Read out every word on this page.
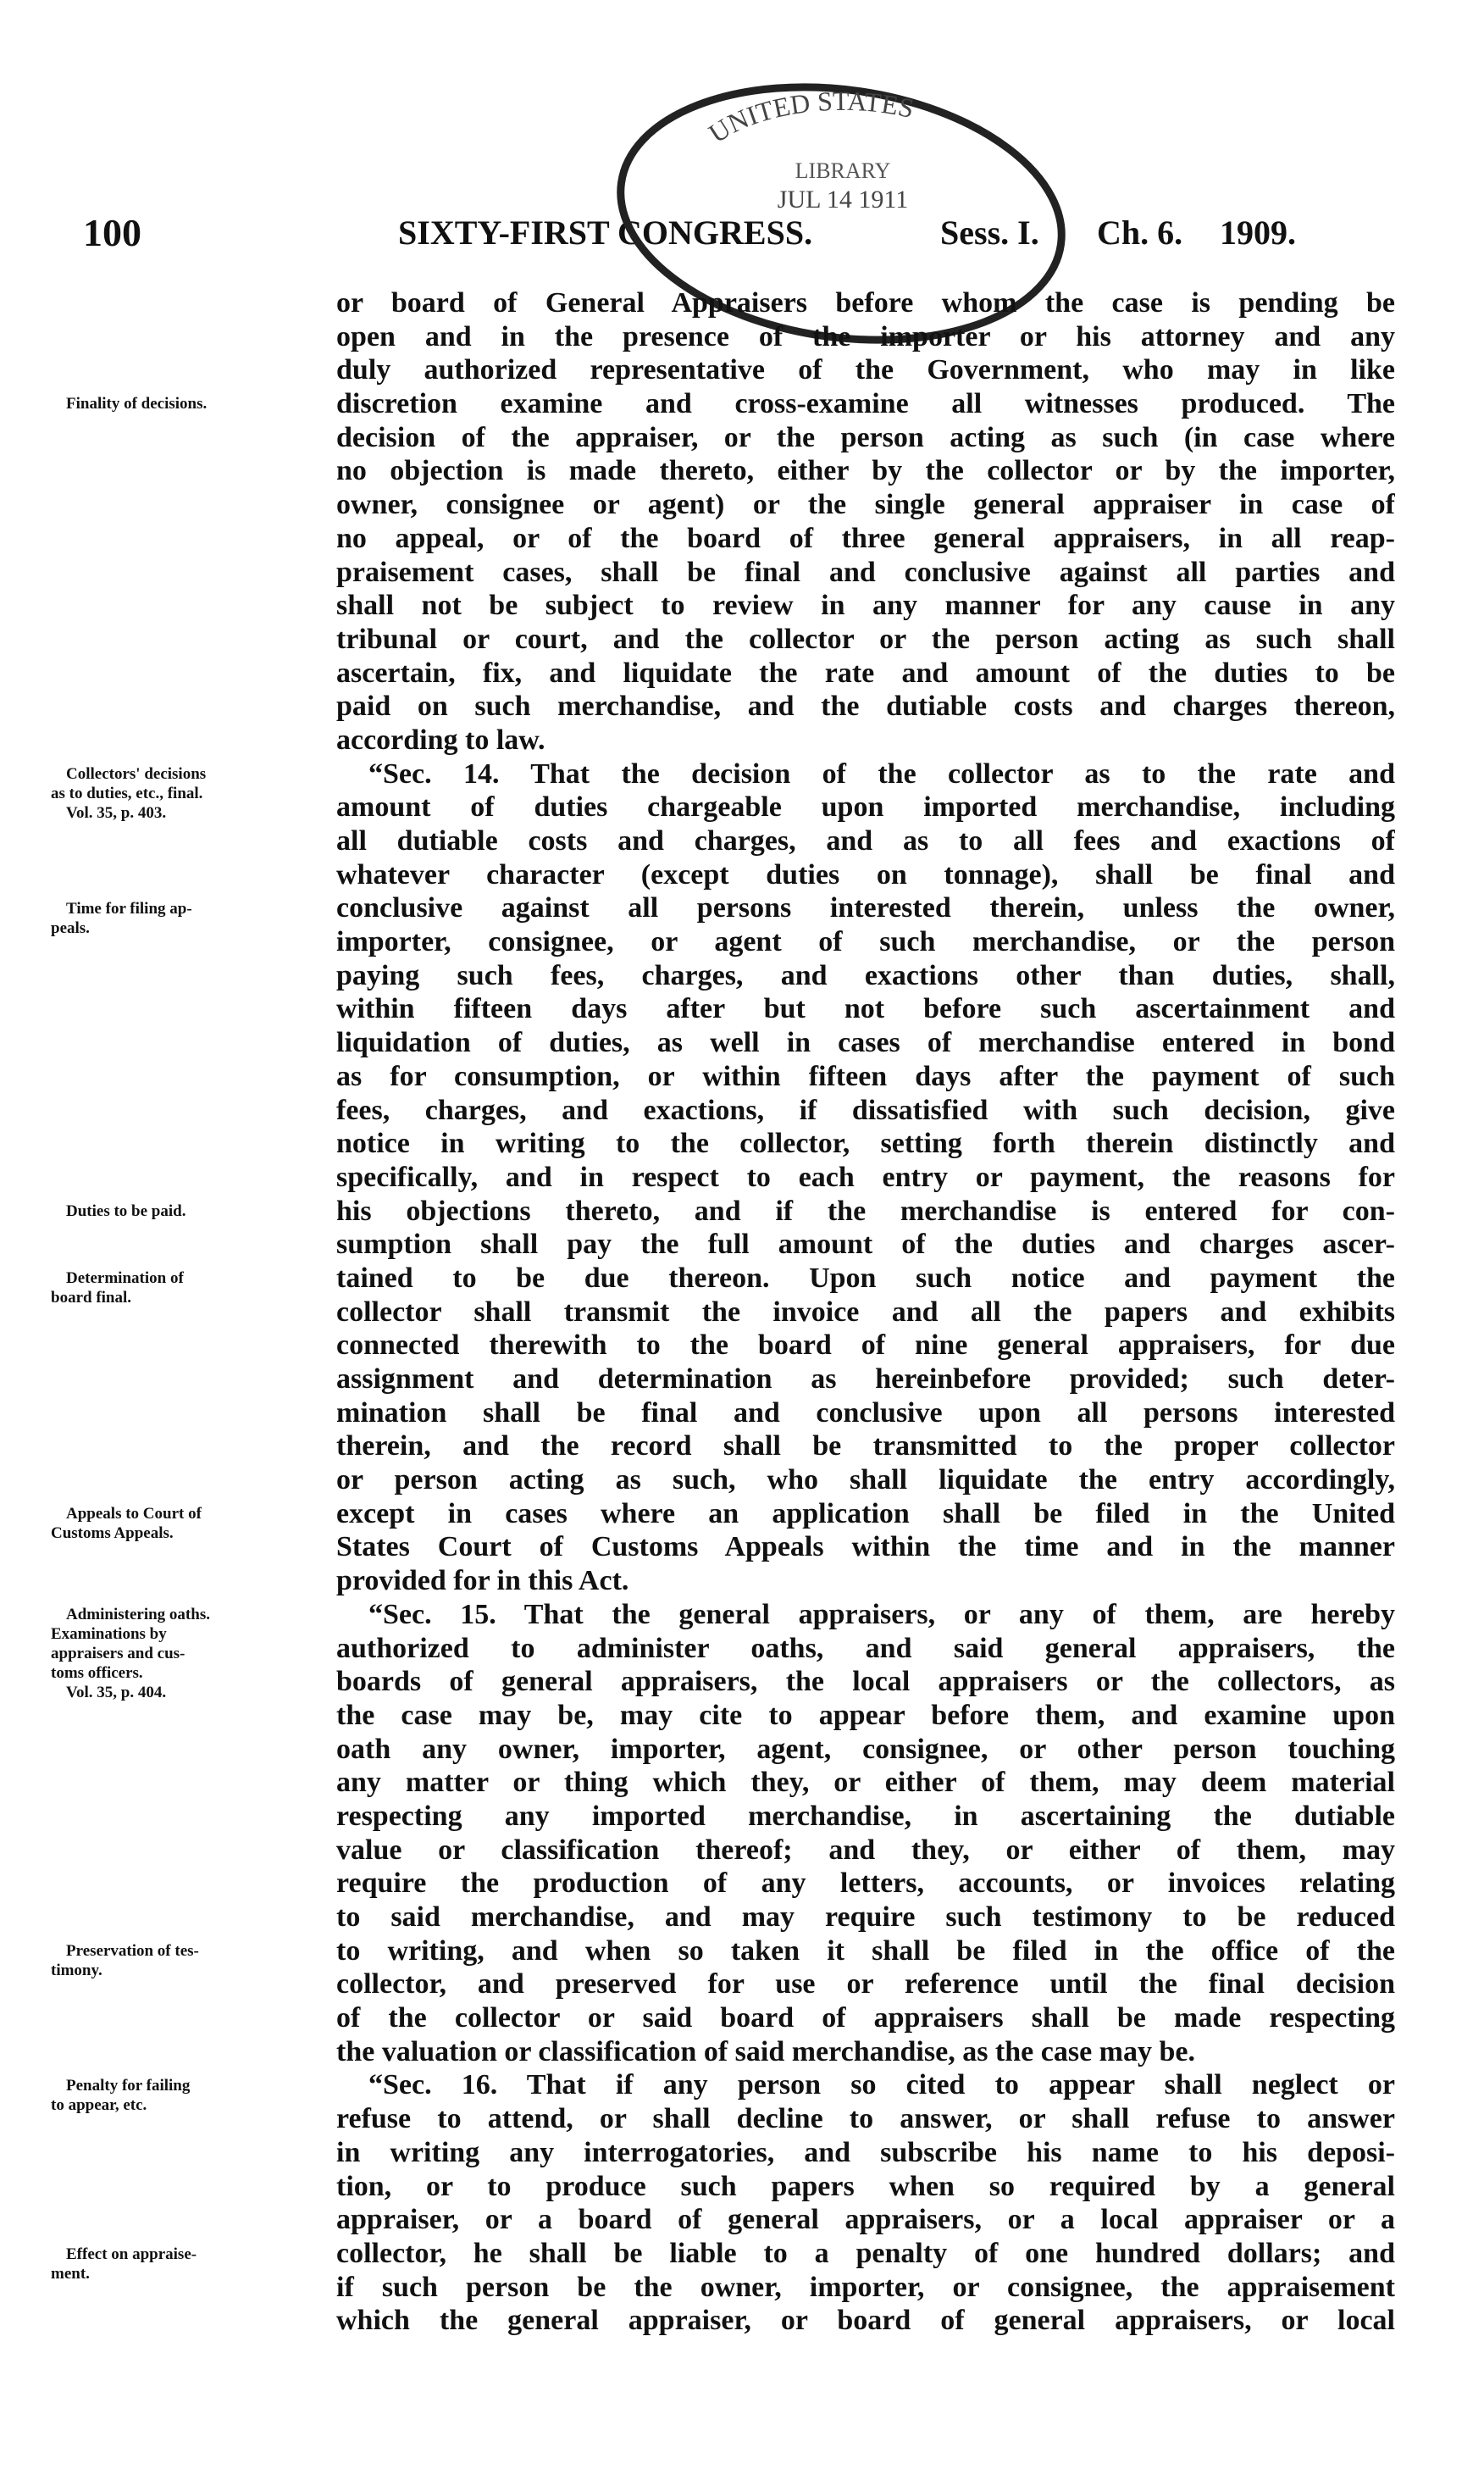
100	SIXTY-FIRST CONGRESS.	Sess. I. Ch. 6. 1909.
UNITED STATES
LIBRARY
JUL 14 1911
or board of General Appraisers before whom the case is pending be
open and in the presence of the importer or his attorney and any
duly authorized representative of the Government, who may in like
discretion examine and cross-examine all witnesses produced. The
decision of the appraiser, or the person acting as such (in case where
no objection is made thereto, either by the collector or by the importer,
owner, consignee or agent) or the single general appraiser in case of
no appeal, or of the board of three general appraisers, in all reap-
praisement cases, shall be final and conclusive against all parties and
shall not be subject to review in any manner for any cause in any
tribunal or court, and the collector or the person acting as such shall
ascertain, fix, and liquidate the rate and amount of the duties to be
paid on such merchandise, and the dutiable costs and charges thereon,
according to law.
“Sec. 14. That the decision of the collector as to the rate and
amount of duties chargeable upon imported merchandise, including
all dutiable costs and charges, and as to all fees and exactions of
whatever character (except duties on tonnage), shall be final and
conclusive against all persons interested therein, unless the owner,
importer, consignee, or agent of such merchandise, or the person
paying such fees, charges, and exactions other than duties, shall,
within fifteen days after but not before such ascertainment and
liquidation of duties, as well in cases of merchandise entered in bond
as for consumption, or within fifteen days after the payment of such
fees, charges, and exactions, if dissatisfied with such decision, give
notice in writing to the collector, setting forth therein distinctly and
specifically, and in respect to each entry or payment, the reasons for
his objections thereto, and if the merchandise is entered for con-
sumption shall pay the full amount of the duties and charges ascer-
tained to be due thereon. Upon such notice and payment the
collector shall transmit the invoice and all the papers and exhibits
connected therewith to the board of nine general appraisers, for due
assignment and determination as hereinbefore provided; such deter-
mination shall be final and conclusive upon all persons interested
therein, and the record shall be transmitted to the proper collector
or person acting as such, who shall liquidate the entry accordingly,
except in cases where an application shall be filed in the United
States Court of Customs Appeals within the time and in the manner
provided for in this Act.
“Sec. 15. That the general appraisers, or any of them, are hereby
authorized to administer oaths, and said general appraisers, the
boards of general appraisers, the local appraisers or the collectors, as
the case may be, may cite to appear before them, and examine upon
oath any owner, importer, agent, consignee, or other person touching
any matter or thing which they, or either of them, may deem material
respecting any imported merchandise, in ascertaining the dutiable
value or classification thereof; and they, or either of them, may
require the production of any letters, accounts, or invoices relating
to said merchandise, and may require such testimony to be reduced
to writing, and when so taken it shall be filed in the office of the
collector, and preserved for use or reference until the final decision
of the collector or said board of appraisers shall be made respecting
the valuation or classification of said merchandise, as the case may be.
“Sec. 16. That if any person so cited to appear shall neglect or
refuse to attend, or shall decline to answer, or shall refuse to answer
in writing any interrogatories, and subscribe his name to his deposi-
tion, or to produce such papers when so required by a general
appraiser, or a board of general appraisers, or a local appraiser or a
collector, he shall be liable to a penalty of one hundred dollars; and
if such person be the owner, importer, or consignee, the appraisement
which the general appraiser, or board of general appraisers, or local
Finality of decisions.
Collectors' decisions
as to duties, etc., final.
Vol. 35, p. 403.
Time for filing ap-
peals.
Duties to be paid.
Determination of
board final.
Appeals to Court of
Customs Appeals.
Administering oaths.
Examinations by
appraisers and cus-
toms officers.
Vol. 35, p. 404.
Preservation of tes-
timony.
Penalty for failing
to appear, etc.
Effect on appraise-
ment.
